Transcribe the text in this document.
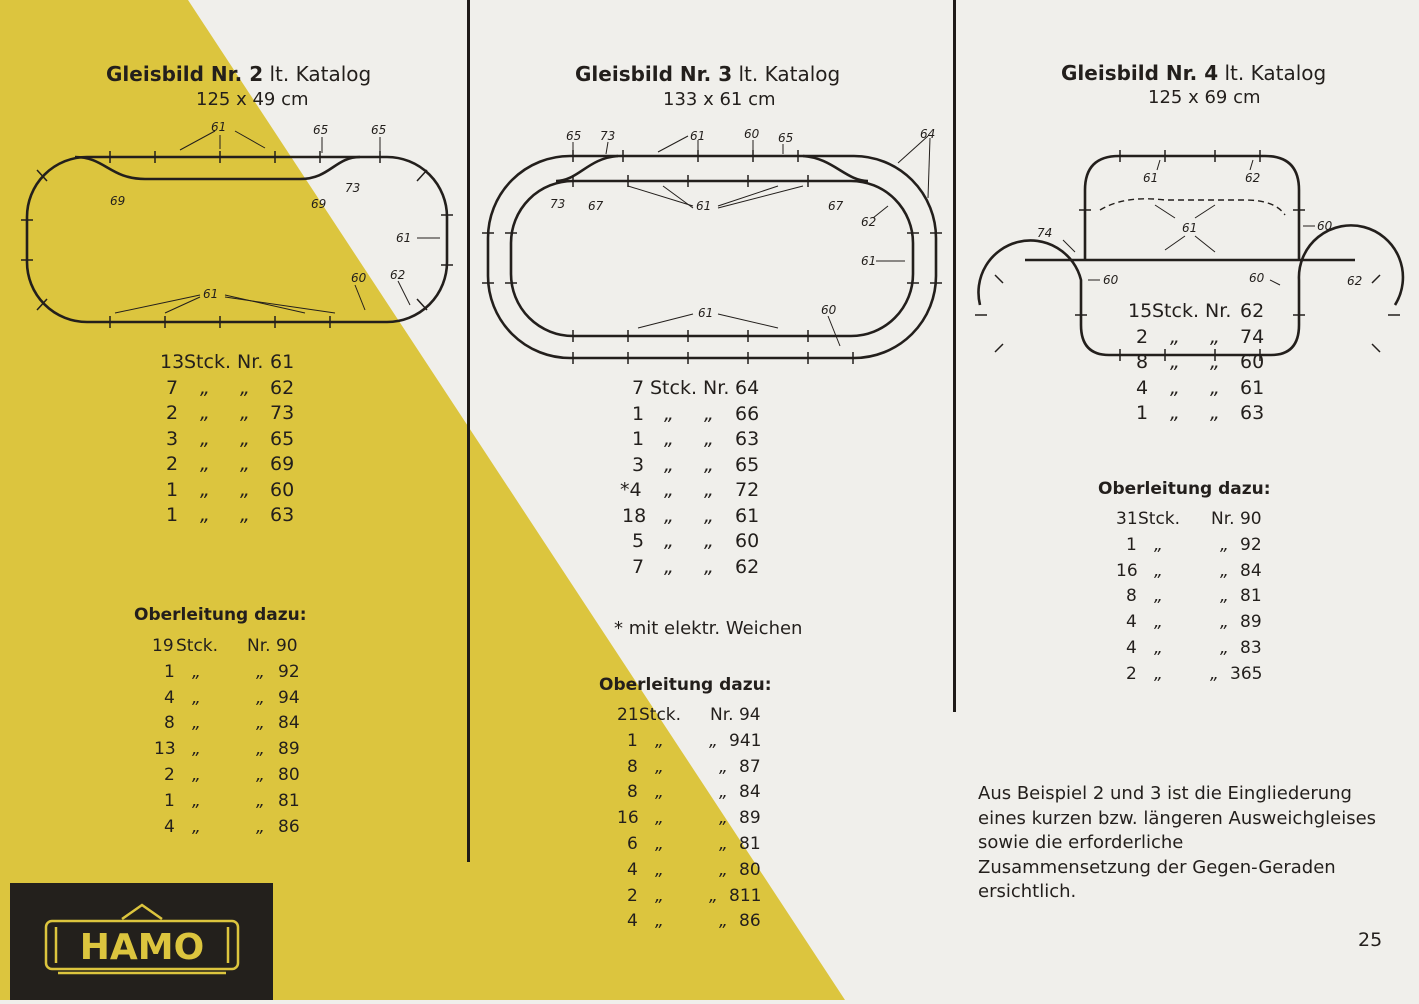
Gleisbild Nr. 2 lt. Katalog
125 x 49 cm
61	65	65
73
69	69
61
62
60
61
13 Stck. Nr. 61
7 „ „ 62
2 „ „ 73
3 „ „ 65
2 „ „ 69
1 „ „ 60
1 „ „ 63
Oberleitung dazu:
19 Stck. Nr. 90
1 „	„ 92
4 „	„ 94
8 „	„ 84
13 „	„ 89
2 „	„ 80
1 „	„ 81
4 „	„ 86
HAMO
Gleisbild Nr. 3 lt. Katalog
133 x 61 cm
65 73	61	60 65	64
73 67	61	67
62
61
61	60
7 Stck. Nr. 64
1 „ „ 66
1 „ „ 63
3 „ „ 65
*4 „ „ 72
18 „ „ 61
5 „ „ 60
7 „ „ 62
* mit elektr. Weichen
Oberleitung dazu:
21 Stck. Nr. 94
1 „	„ 941
8 „	„ 87
8 „	„ 84
16 „	„ 89
6 „	„ 81
4 „	„ 80
2 „	„ 811
4 „	„ 86
Gleisbild Nr. 4 lt. Katalog
125 x 69 cm
61	62
74	61	60
60	60	62
15 Stck. Nr. 62
2 „ „ 74
8 „ „ 60
4 „ „ 61
1 „ „ 63
Oberleitung dazu:
31 Stck. Nr. 90
1 „	„ 92
16 „	„ 84
8 „	„ 81
4 „	„ 89
4 „	„ 83
2 „	„ 365
Aus Beispiel 2 und 3 ist die Eingliederung
eines kurzen bzw. längeren Ausweichgleises
sowie die erforderliche
Zusammensetzung der Gegen-Geraden
ersichtlich.
25
